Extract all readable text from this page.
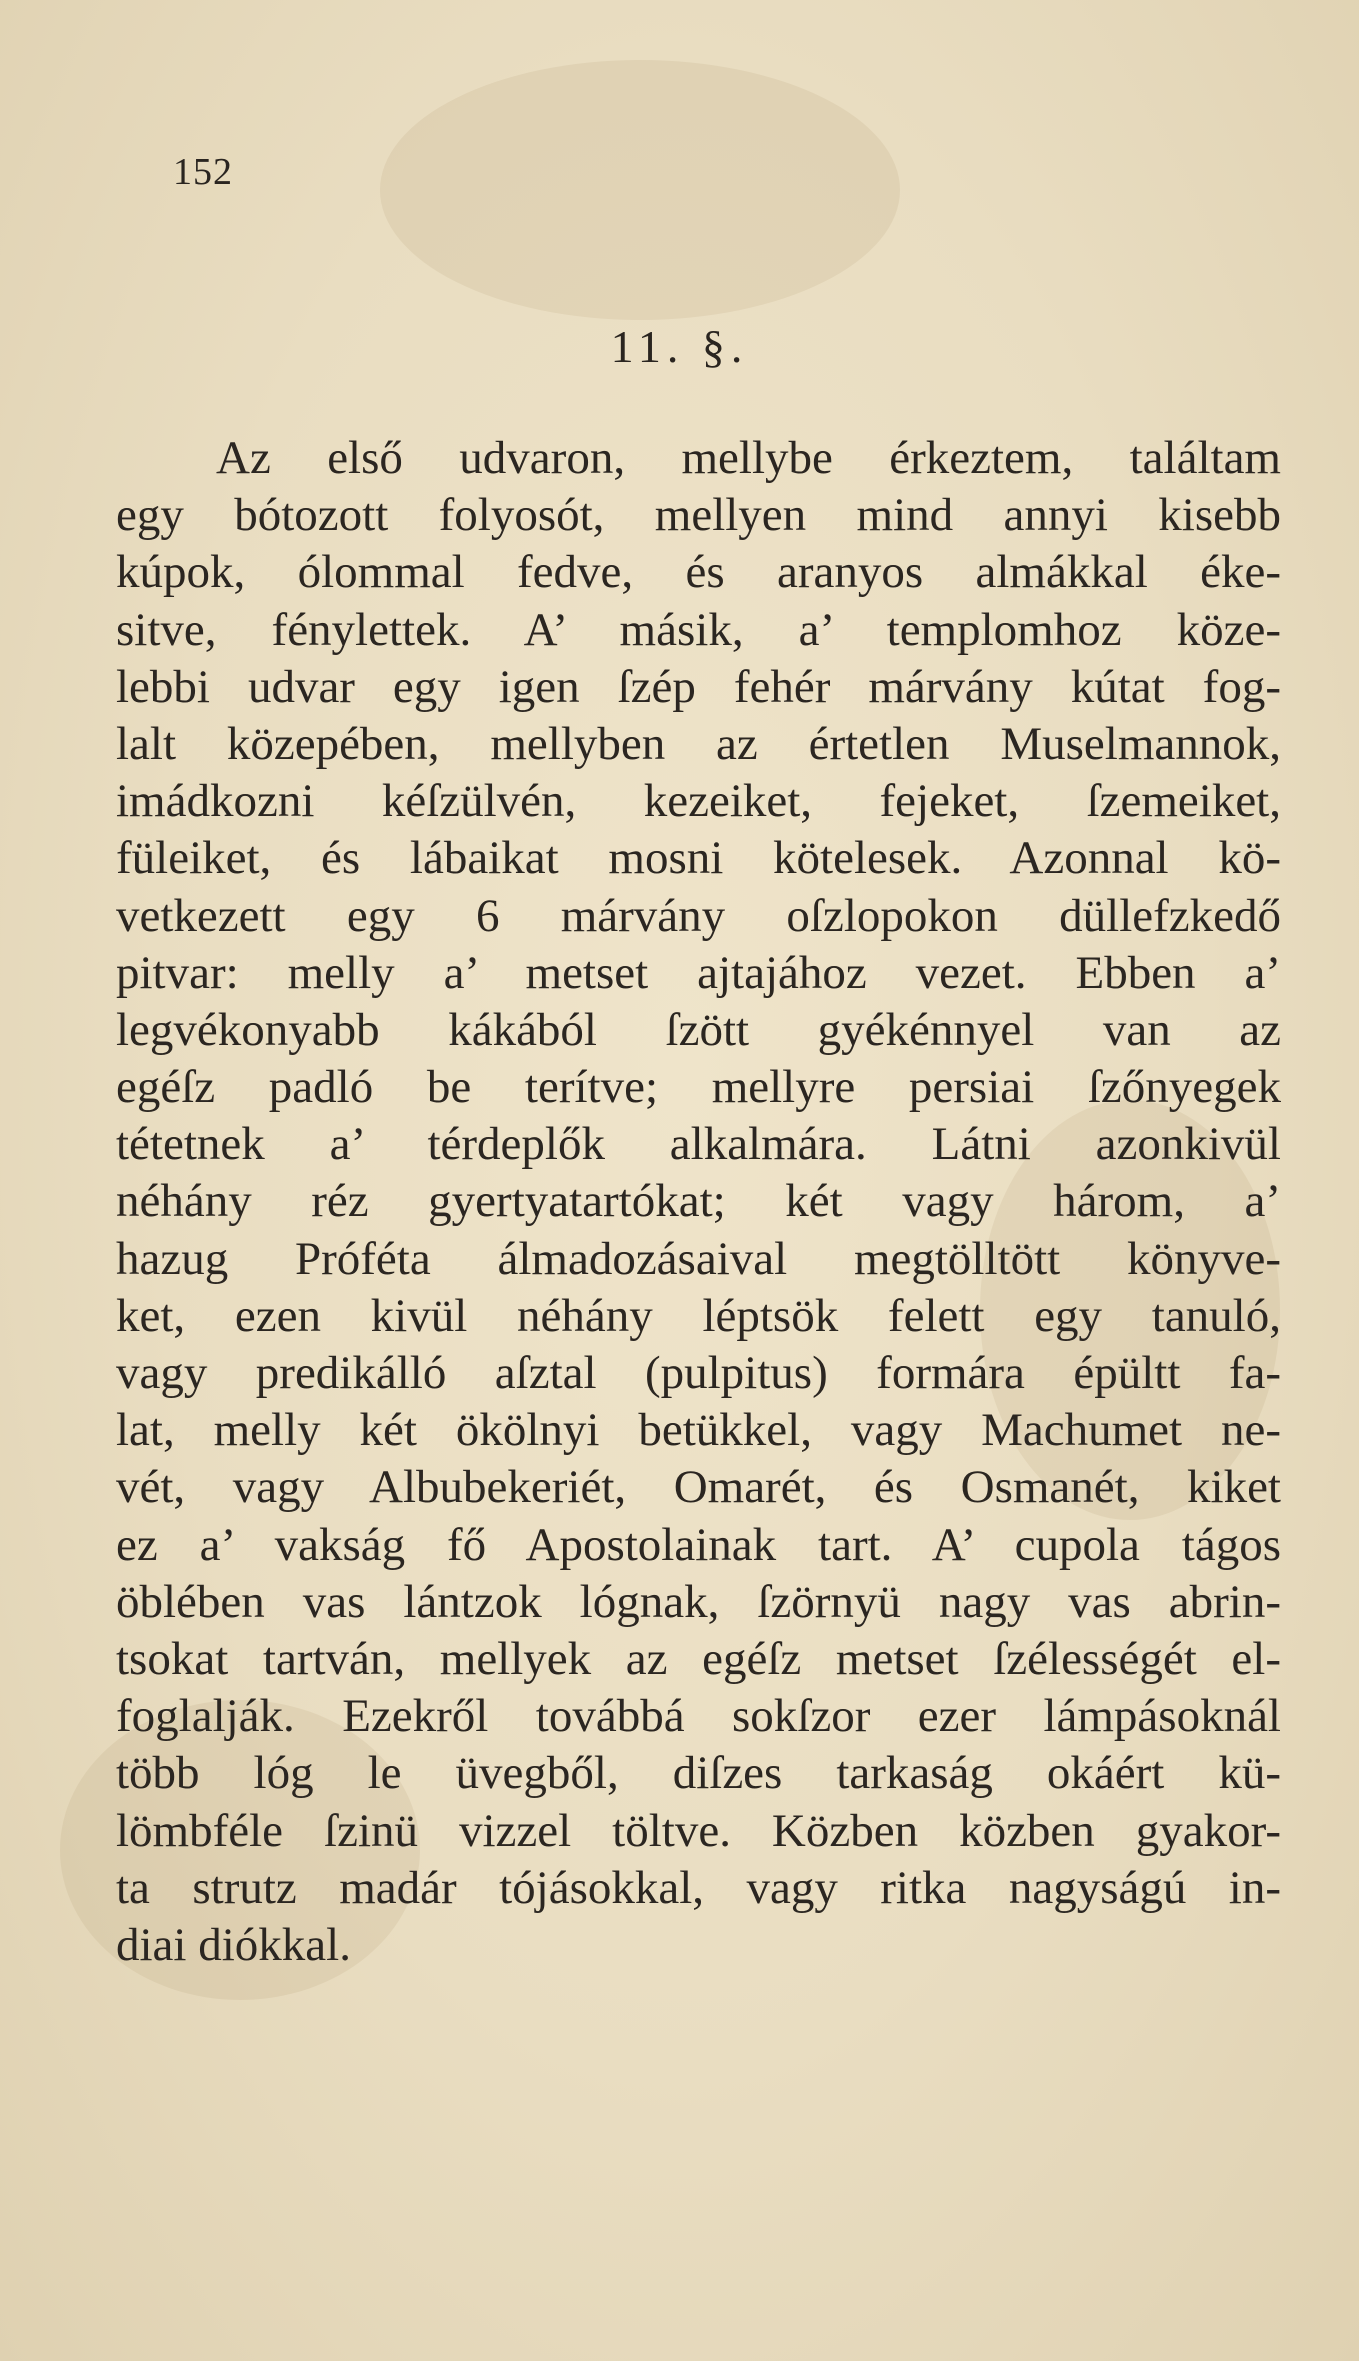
152
11. §.
Az első udvaron, mellybe érkeztem, találtam
egy bótozott folyosót, mellyen mind annyi kisebb
kúpok, ólommal fedve, és aranyos almákkal éke-
sitve, fénylettek. A’ másik, a’ templomhoz köze-
lebbi udvar egy igen ſzép fehér márvány kútat fog-
lalt közepében, mellyben az értetlen Muselmannok,
imádkozni kéſzülvén, kezeiket, fejeket, ſzemeiket,
füleiket, és lábaikat mosni kötelesek. Azonnal kö-
vetkezett egy 6 márvány oſzlopokon düllefzkedő
pitvar: melly a’ metset ajtajához vezet. Ebben a’
legvékonyabb kákából ſzött gyékénnyel van az
egéſz padló be terítve; mellyre persiai ſzőnyegek
tétetnek a’ térdeplők alkalmára. Látni azonkivül
néhány réz gyertyatartókat; két vagy három, a’
hazug Próféta álmadozásaival megtölltött könyve-
ket, ezen kivül néhány léptsök felett egy tanuló,
vagy predikálló aſztal (pulpitus) formára épültt fa-
lat, melly két ökölnyi betükkel, vagy Machumet ne-
vét, vagy Albubekeriét, Omarét, és Osmanét, kiket
ez a’ vakság fő Apostolainak tart. A’ cupola tágos
öblében vas lántzok lógnak, ſzörnyü nagy vas abrin-
tsokat tartván, mellyek az egéſz metset ſzélességét el-
foglalják. Ezekről továbbá sokſzor ezer lámpásoknál
több lóg le üvegből, diſzes tarkaság okáért kü-
lömbféle ſzinü vizzel töltve. Közben közben gyakor-
ta strutz madár tójásokkal, vagy ritka nagyságú in-
diai diókkal.
